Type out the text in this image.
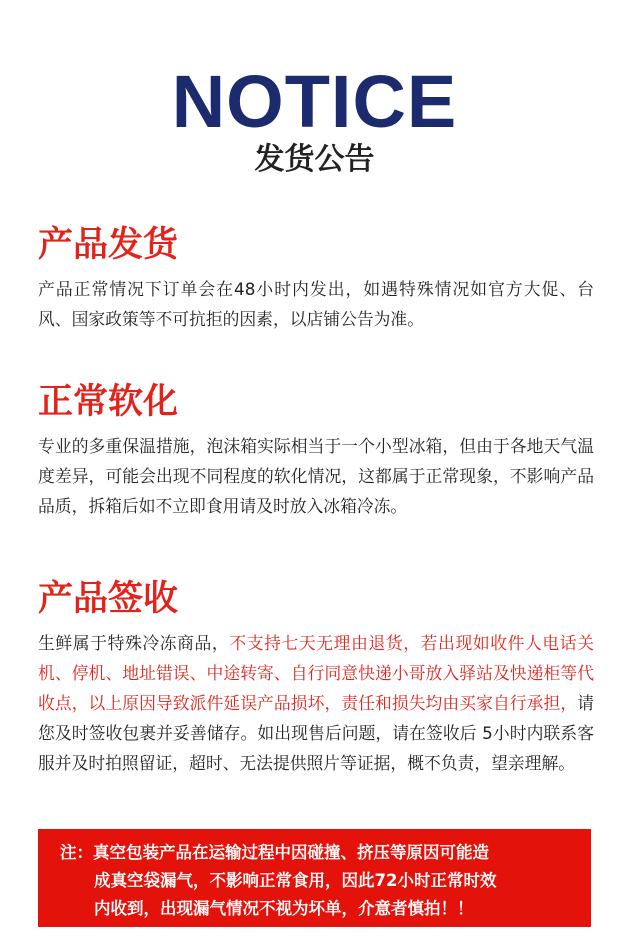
NOTICE
发货公告
产品发货

产品正常情况下订单会在48小时内发出，如遇特殊情况如官方大促、台风、国家政策等不可抗拒的因素，以店铺公告为准。

正常软化

专业的多重保温措施，泡沫箱实际相当于一个小型冰箱，但由于各地天气温度差异，可能会出现不同程度的软化情况，这都属于正常现象，不影响产品品质，拆箱后如不立即食用请及时放入冰箱冷冻。

产品签收

生鲜属于特殊冷冻商品，不支持七天无理由退货，若出现如收件人电话关机、停机、地址错误、中途转寄、自行同意快递小哥放入驿站及快递柜等代收点，以上原因导致派件延误产品损坏，责任和损失均由买家自行承担，请您及时签收包裹并妥善储存。如出现售后问题，请在签收后 5小时内联系客服并及时拍照留证，超时、无法提供照片等证据，概不负责，望亲理解。

注：真空包装产品在运输过程中因碰撞、挤压等原因可能造
成真空袋漏气，不影响正常食用，因此72小时正常时效
内收到，出现漏气情况不视为坏单，介意者慎拍！！
